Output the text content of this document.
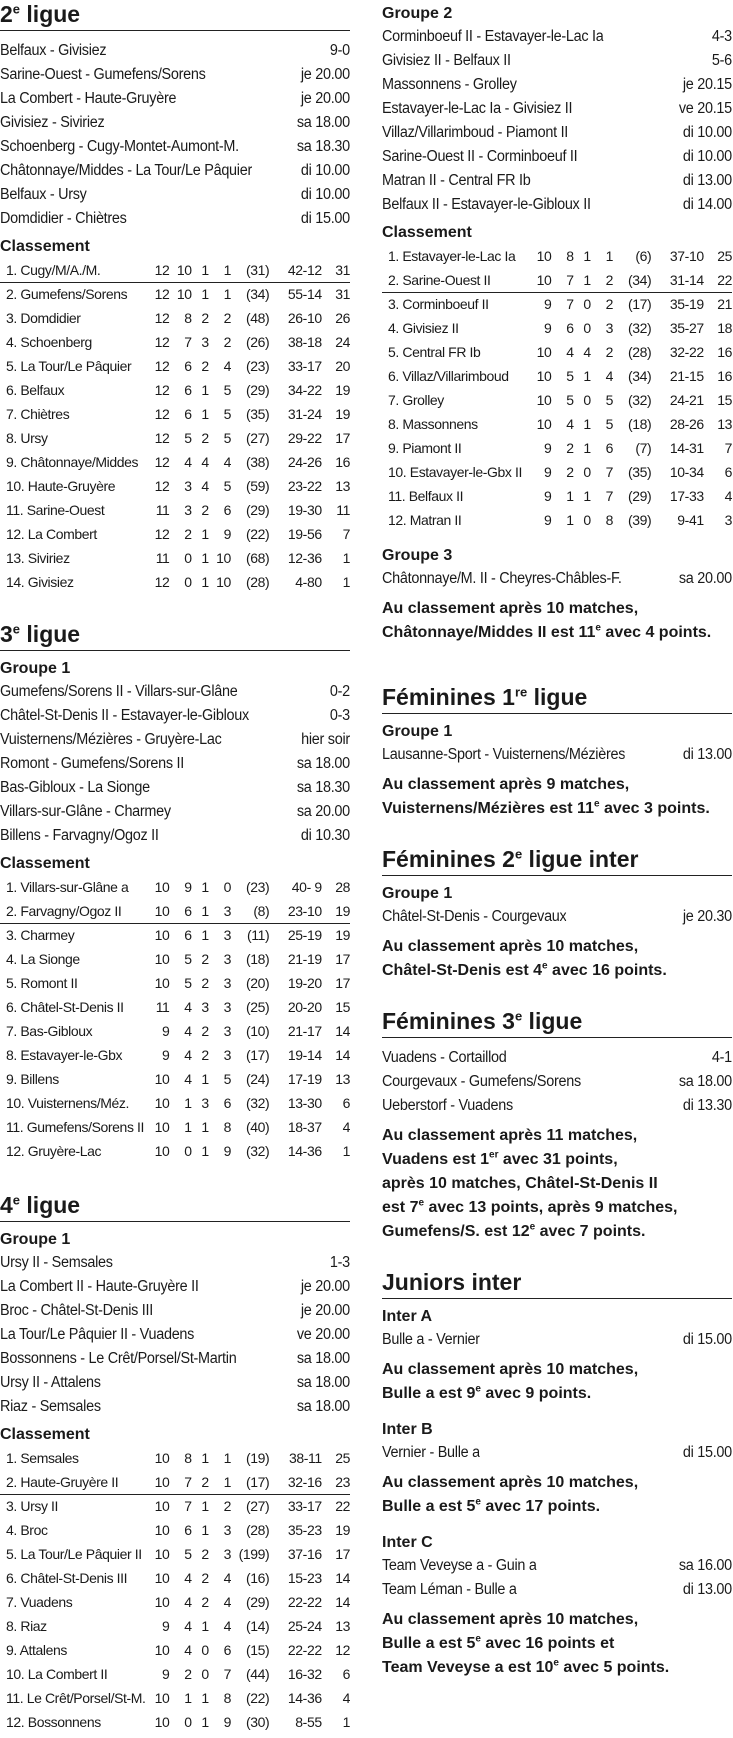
2e ligue
Belfaux - Givisiez	9-0
Sarine-Ouest - Gumefens/Sorens	je 20.00
La Combert - Haute-Gruyère	je 20.00
Givisiez - Siviriez	sa 18.00
Schoenberg - Cugy-Montet-Aumont-M.	sa 18.30
Châtonnaye/Middes - La Tour/Le Pâquier	di 10.00
Belfaux - Ursy	di 10.00
Domdidier - Chiètres	di 15.00
Classement
1. Cugy/M/A./M.	12	10	1	1	(31)	42-12	31
2. Gumefens/Sorens	12	10	1	1	(34)	55-14	31
3. Domdidier	12	8	2	2	(48)	26-10	26
4. Schoenberg	12	7	3	2	(26)	38-18	24
5. La Tour/Le Pâquier	12	6	2	4	(23)	33-17	20
6. Belfaux	12	6	1	5	(29)	34-22	19
7. Chiètres	12	6	1	5	(35)	31-24	19
8. Ursy	12	5	2	5	(27)	29-22	17
9. Châtonnaye/Middes	12	4	4	4	(38)	24-26	16
10. Haute-Gruyère	12	3	4	5	(59)	23-22	13
11. Sarine-Ouest	11	3	2	6	(29)	19-30	11
12. La Combert	12	2	1	9	(22)	19-56	7
13. Siviriez	11	0	1	10	(68)	12-36	1
14. Givisiez	12	0	1	10	(28)	4-80	1
3e ligue
Groupe 1
Gumefens/Sorens II - Villars-sur-Glâne	0-2
Châtel-St-Denis II - Estavayer-le-Gibloux	0-3
Vuisternens/Mézières - Gruyère-Lac	hier soir
Romont - Gumefens/Sorens II	sa 18.00
Bas-Gibloux - La Sionge	sa 18.30
Villars-sur-Glâne - Charmey	sa 20.00
Billens - Farvagny/Ogoz II	di 10.30
Classement
1. Villars-sur-Glâne a	10	9	1	0	(23)	40- 9	28
2. Farvagny/Ogoz II	10	6	1	3	(8)	23-10	19
3. Charmey	10	6	1	3	(11)	25-19	19
4. La Sionge	10	5	2	3	(18)	21-19	17
5. Romont II	10	5	2	3	(20)	19-20	17
6. Châtel-St-Denis II	11	4	3	3	(25)	20-20	15
7. Bas-Gibloux	9	4	2	3	(10)	21-17	14
8. Estavayer-le-Gbx	9	4	2	3	(17)	19-14	14
9. Billens	10	4	1	5	(24)	17-19	13
10. Vuisternens/Méz.	10	1	3	6	(32)	13-30	6
11. Gumefens/Sorens II	10	1	1	8	(40)	18-37	4
12. Gruyère-Lac	10	0	1	9	(32)	14-36	1
4e ligue
Groupe 1
Ursy II - Semsales	1-3
La Combert II - Haute-Gruyère II	je 20.00
Broc - Châtel-St-Denis III	je 20.00
La Tour/Le Pâquier II - Vuadens	ve 20.00
Bossonnens - Le Crêt/Porsel/St-Martin	sa 18.00
Ursy II - Attalens	sa 18.00
Riaz - Semsales	sa 18.00
Classement
1. Semsales	10	8	1	1	(19)	38-11	25
2. Haute-Gruyère II	10	7	2	1	(17)	32-16	23
3. Ursy II	10	7	1	2	(27)	33-17	22
4. Broc	10	6	1	3	(28)	35-23	19
5. La Tour/Le Pâquier II	10	5	2	3	(199)	37-16	17
6. Châtel-St-Denis III	10	4	2	4	(16)	15-23	14
7. Vuadens	10	4	2	4	(29)	22-22	14
8. Riaz	9	4	1	4	(14)	25-24	13
9. Attalens	10	4	0	6	(15)	22-22	12
10. La Combert II	9	2	0	7	(44)	16-32	6
11. Le Crêt/Porsel/St-M.	10	1	1	8	(22)	14-36	4
12. Bossonnens	10	0	1	9	(30)	8-55	1
Groupe 2
Corminboeuf II - Estavayer-le-Lac Ia	4-3
Givisiez II - Belfaux II	5-6
Massonnens - Grolley	je 20.15
Estavayer-le-Lac Ia - Givisiez II	ve 20.15
Villaz/Villarimboud - Piamont II	di 10.00
Sarine-Ouest II - Corminboeuf II	di 10.00
Matran II - Central FR Ib	di 13.00
Belfaux II - Estavayer-le-Gibloux II	di 14.00
Classement
1. Estavayer-le-Lac Ia	10	8	1	1	(6)	37-10	25
2. Sarine-Ouest II	10	7	1	2	(34)	31-14	22
3. Corminboeuf II	9	7	0	2	(17)	35-19	21
4. Givisiez II	9	6	0	3	(32)	35-27	18
5. Central FR Ib	10	4	4	2	(28)	32-22	16
6. Villaz/Villarimboud	10	5	1	4	(34)	21-15	16
7. Grolley	10	5	0	5	(32)	24-21	15
8. Massonnens	10	4	1	5	(18)	28-26	13
9. Piamont II	9	2	1	6	(7)	14-31	7
10. Estavayer-le-Gbx II	9	2	0	7	(35)	10-34	6
11. Belfaux II	9	1	1	7	(29)	17-33	4
12. Matran II	9	1	0	8	(39)	9-41	3
Groupe 3
Châtonnaye/M. II - Cheyres-Châbles-F.	sa 20.00
Au classement après 10 matches,
Châtonnaye/Middes II est 11e avec 4 points.
Féminines 1re ligue
Groupe 1
Lausanne-Sport - Vuisternens/Mézières	di 13.00
Au classement après 9 matches,
Vuisternens/Mézières est 11e avec 3 points.
Féminines 2e ligue inter
Groupe 1
Châtel-St-Denis - Courgevaux	je 20.30
Au classement après 10 matches,
Châtel-St-Denis est 4e avec 16 points.
Féminines 3e ligue
Vuadens - Cortaillod	4-1
Courgevaux - Gumefens/Sorens	sa 18.00
Ueberstorf - Vuadens	di 13.30
Au classement après 11 matches,
Vuadens est 1er avec 31 points,
après 10 matches, Châtel-St-Denis II
est 7e avec 13 points, après 9 matches,
Gumefens/S. est 12e avec 7 points.
Juniors inter
Inter A
Bulle a - Vernier	di 15.00
Au classement après 10 matches,
Bulle a est 9e avec 9 points.
Inter B
Vernier - Bulle a	di 15.00
Au classement après 10 matches,
Bulle a est 5e avec 17 points.
Inter C
Team Veveyse a - Guin a	sa 16.00
Team Léman - Bulle a	di 13.00
Au classement après 10 matches,
Bulle a est 5e avec 16 points et
Team Veveyse a est 10e avec 5 points.
